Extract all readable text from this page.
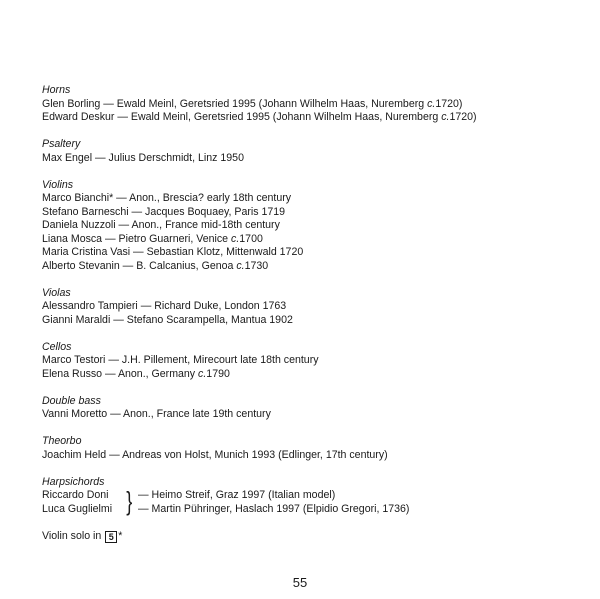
Horns
Glen Borling — Ewald Meinl, Geretsried 1995 (Johann Wilhelm Haas, Nuremberg c.1720)
Edward Deskur — Ewald Meinl, Geretsried 1995 (Johann Wilhelm Haas, Nuremberg c.1720)
Psaltery
Max Engel — Julius Derschmidt, Linz 1950
Violins
Marco Bianchi* — Anon., Brescia? early 18th century
Stefano Barneschi — Jacques Boquaey, Paris 1719
Daniela Nuzzoli — Anon., France mid-18th century
Liana Mosca — Pietro Guarneri, Venice c.1700
Maria Cristina Vasi — Sebastian Klotz, Mittenwald 1720
Alberto Stevanin — B. Calcanius, Genoa c.1730
Violas
Alessandro Tampieri — Richard Duke, London 1763
Gianni Maraldi — Stefano Scarampella, Mantua 1902
Cellos
Marco Testori — J.H. Pillement, Mirecourt late 18th century
Elena Russo — Anon., Germany c.1790
Double bass
Vanni Moretto — Anon., France late 19th century
Theorbo
Joachim Held — Andreas von Holst, Munich 1993 (Edlinger, 17th century)
Harpsichords
Riccardo Doni
Luca Guglielmi } — Heimo Streif, Graz 1997 (Italian model)
— Martin Pühringer, Haslach 1997 (Elpidio Gregori, 1736)
Violin solo in 5 *
55
